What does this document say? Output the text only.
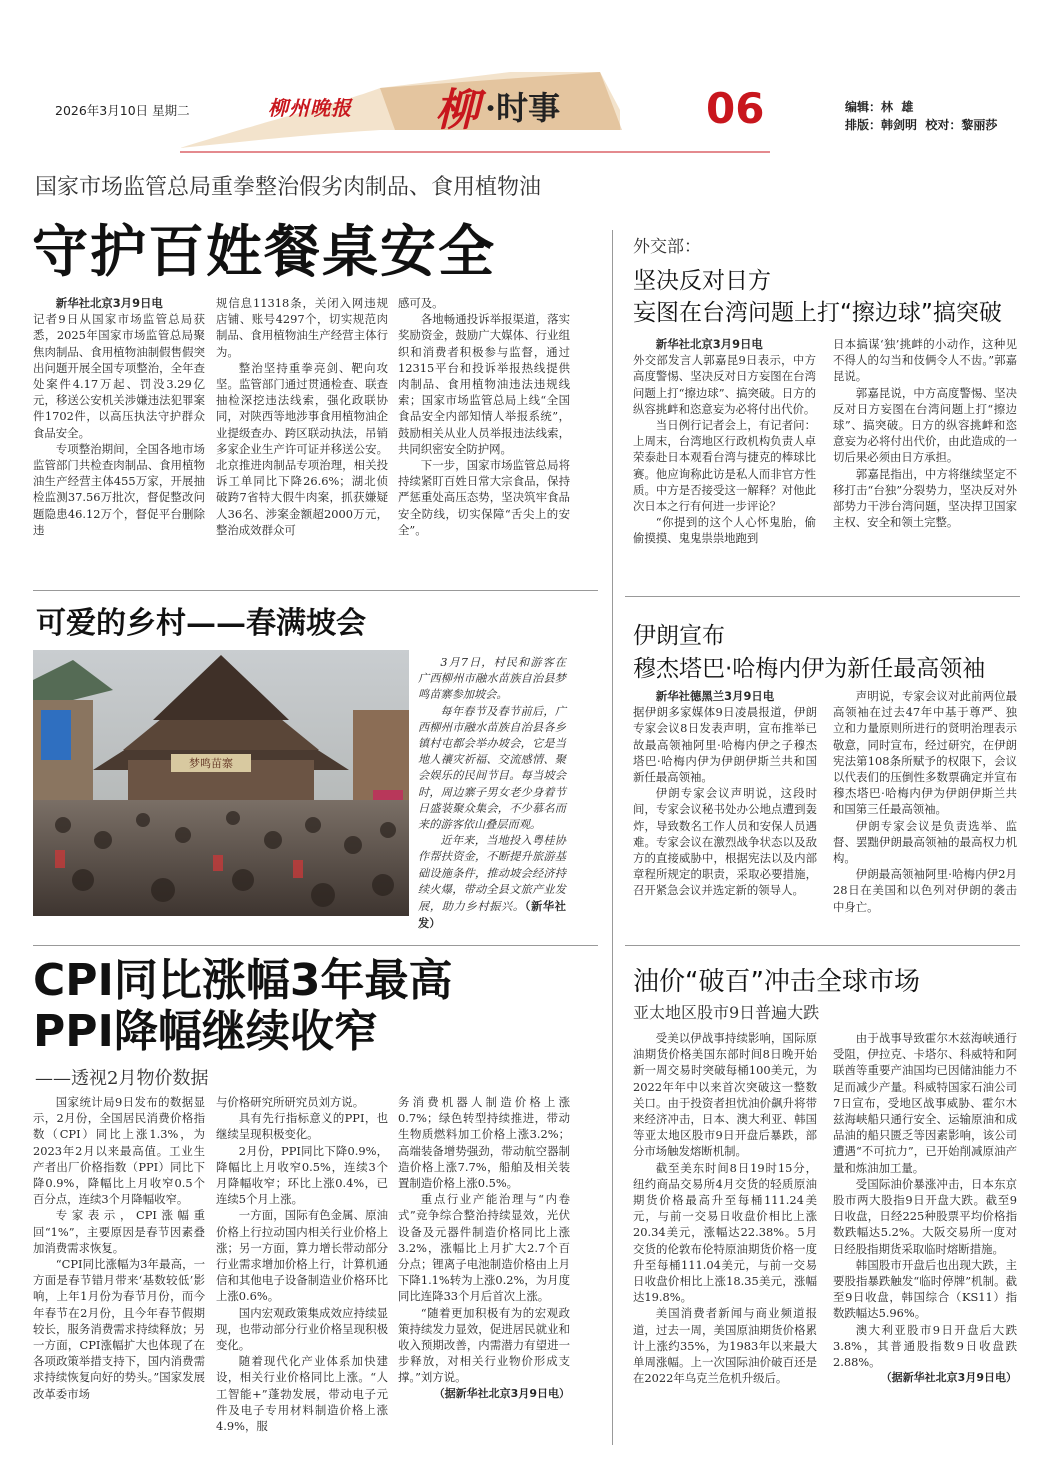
2026年3月10日 星期二	柳州晚报 柳 ·时事	06	编辑：林  雄
排版：韩剑明  校对：黎丽莎
国家市场监管总局重拳整治假劣肉制品、食用植物油
守护百姓餐桌安全

新华社北京3月9日电

记者9日从国家市场监管总局获悉，2025年国家市场监管总局聚焦肉制品、食用植物油制假售假突出问题开展全国专项整治，全年查处案件4.17万起、罚没3.29亿元，移送公安机关涉嫌违法犯罪案件1702件，以高压执法守护群众食品安全。

专项整治期间，全国各地市场监管部门共检查肉制品、食用植物油生产经营主体455万家，开展抽检监测37.56万批次，督促整改问题隐患46.12万个，督促平台删除违

规信息11318条，关闭入网违规店铺、账号4297个，切实规范肉制品、食用植物油生产经营主体行为。

整治坚持重拳亮剑、靶向攻坚。监管部门通过贯通检查、联查抽检深挖违法线索，强化政联协同，对陕西等地涉事食用植物油企业提级查办、跨区联动执法，吊销多家企业生产许可证并移送公安。北京推进肉制品专项治理，相关投诉工单同比下降26.6%；湖北侦破跨7省特大假牛肉案，抓获嫌疑人36名、涉案金额超2000万元，整治成效群众可

感可及。

各地畅通投诉举报渠道，落实奖励资金，鼓励广大媒体、行业组织和消费者积极参与监督，通过12315平台和投诉举报热线提供肉制品、食用植物油违法违规线索；国家市场监管总局上线“全国食品安全内部知情人举报系统”，鼓励相关从业人员举报违法线索，共同织密安全防护网。

下一步，国家市场监管总局将持续紧盯百姓日常大宗食品，保持严惩重处高压态势，坚决筑牢食品安全防线，切实保障“舌尖上的安全”。

外交部：
坚决反对日方
妄图在台湾问题上打“擦边球”搞突破

新华社北京3月9日电

外交部发言人郭嘉昆9日表示，中方高度警惕、坚决反对日方妄图在台湾问题上打“擦边球”、搞突破。日方的纵容挑衅和恣意妄为必将付出代价。

当日例行记者会上，有记者问：上周末，台湾地区行政机构负责人卓荣泰赴日本观看台湾与捷克的棒球比赛。他应询称此访是私人而非官方性质。中方是否接受这一解释？对他此次日本之行有何进一步评论？

“你提到的这个人心怀鬼胎，偷偷摸摸、鬼鬼祟祟地跑到

日本搞谋‘独’挑衅的小动作，这种见不得人的勾当和伎俩令人不齿。”郭嘉昆说。

郭嘉昆说，中方高度警惕、坚决反对日方妄图在台湾问题上打“擦边球”、搞突破。日方的纵容挑衅和恣意妄为必将付出代价，由此造成的一切后果必须由日方承担。

郭嘉昆指出，中方将继续坚定不移打击“台独”分裂势力，坚决反对外部势力干涉台湾问题，坚决捍卫国家主权、安全和领土完整。

可爱的乡村——春满坡会
梦鸣苗寨

3月7日，村民和游客在广西柳州市融水苗族自治县梦鸣苗寨参加坡会。

每年春节及春节前后，广西柳州市融水苗族自治县各乡镇村屯都会举办坡会，它是当地人禳灾祈福、交流感情、聚会娱乐的民间节目。每当坡会时，周边寨子男女老少身着节日盛装聚众集会，不少慕名而来的游客依山叠层而观。

近年来，当地投入粤桂协作帮扶资金，不断提升旅游基础设施条件，推动坡会经济持续火爆，带动全县文旅产业发展，助力乡村振兴。（新华社发）

伊朗宣布
穆杰塔巴·哈梅内伊为新任最高领袖

新华社德黑兰3月9日电

据伊朗多家媒体9日凌晨报道，伊朗专家会议8日发表声明，宣布推举已故最高领袖阿里·哈梅内伊之子穆杰塔巴·哈梅内伊为伊朗伊斯兰共和国新任最高领袖。

伊朗专家会议声明说，这段时间，专家会议秘书处办公地点遭到轰炸，导致数名工作人员和安保人员遇难。专家会议在激烈战争状态以及敌方的直接威胁中，根据宪法以及内部章程所规定的职责，采取必要措施，召开紧急会议并选定新的领导人。

声明说，专家会议对此前两位最高领袖在过去47年中基于尊严、独立和力量原则所进行的贤明治理表示敬意，同时宣布，经过研究，在伊朗宪法第108条所赋予的权限下，会议以代表们的压倒性多数票确定并宣布穆杰塔巴·哈梅内伊为伊朗伊斯兰共和国第三任最高领袖。

伊朗专家会议是负责选举、监督、罢黜伊朗最高领袖的最高权力机构。

伊朗最高领袖阿里·哈梅内伊2月28日在美国和以色列对伊朗的袭击中身亡。

CPI同比涨幅3年最高
PPI降幅继续收窄
——透视2月物价数据

国家统计局9日发布的数据显示，2月份，全国居民消费价格指数（CPI）同比上涨1.3%，为2023年2月以来最高值。工业生产者出厂价格指数（PPI）同比下降0.9%，降幅比上月收窄0.5个百分点，连续3个月降幅收窄。

专家表示，CPI涨幅重回“1%”，主要原因是春节因素叠加消费需求恢复。

“CPI同比涨幅为3年最高，一方面是春节错月带来‘基数较低’影响，上年1月份为春节月份，而今年春节在2月份，且今年春节假期较长，服务消费需求持续释放；另一方面，CPI涨幅扩大也体现了在各项政策举措支持下，国内消费需求持续恢复向好的势头。”国家发展改革委市场

与价格研究所研究员刘方说。

具有先行指标意义的PPI，也继续呈现积极变化。

2月份，PPI同比下降0.9%，降幅比上月收窄0.5%，连续3个月降幅收窄；环比上涨0.4%，已连续5个月上涨。

一方面，国际有色金属、原油价格上行拉动国内相关行业价格上涨；另一方面，算力增长带动部分行业需求增加价格上行，计算机通信和其他电子设备制造业价格环比上涨0.6%。

国内宏观政策集成效应持续显现，也带动部分行业价格呈现积极变化。

随着现代化产业体系加快建设，相关行业价格同比上涨。“人工智能+”蓬勃发展，带动电子元件及电子专用材料制造价格上涨4.9%，服

务消费机器人制造价格上涨0.7%；绿色转型持续推进，带动生物质燃料加工价格上涨3.2%；高端装备增势强劲，带动航空器制造价格上涨7.7%，船舶及相关装置制造价格上涨0.5%。

重点行业产能治理与“内卷式”竞争综合整治持续显效，光伏设备及元器件制造价格同比上涨3.2%，涨幅比上月扩大2.7个百分点；锂离子电池制造价格由上月下降1.1%转为上涨0.2%，为月度同比连降33个月后首次上涨。

“随着更加积极有为的宏观政策持续发力显效，促进居民就业和收入预期改善，内需潜力有望进一步释放，对相关行业物价形成支撑。”刘方说。

（据新华社北京3月9日电）
油价“破百”冲击全球市场
亚太地区股市9日普遍大跌

受美以伊战事持续影响，国际原油期货价格美国东部时间8日晚开始新一周交易时突破每桶100美元，为2022年年中以来首次突破这一整数关口。由于投资者担忧油价飙升将带来经济冲击，日本、澳大利亚、韩国等亚太地区股市9日开盘后暴跌，部分市场触发熔断机制。

截至美东时间8日19时15分，纽约商品交易所4月交货的轻质原油期货价格最高升至每桶111.24美元，与前一交易日收盘价相比上涨20.34美元，涨幅达22.38%。5月交货的伦敦布伦特原油期货价格一度升至每桶111.04美元，与前一交易日收盘价相比上涨18.35美元，涨幅达19.8%。

美国消费者新闻与商业频道报道，过去一周，美国原油期货价格累计上涨约35%，为1983年以来最大单周涨幅。上一次国际油价破百还是在2022年乌克兰危机升级后。

由于战事导致霍尔木兹海峡通行受阻，伊拉克、卡塔尔、科威特和阿联酋等重要产油国均已因储油能力不足而减少产量。科威特国家石油公司7日宣布，受地区战事威胁、霍尔木兹海峡船只通行安全、运输原油和成品油的船只匮乏等因素影响，该公司遭遇“不可抗力”，已开始削减原油产量和炼油加工量。

受国际油价暴涨冲击，日本东京股市两大股指9日开盘大跌。截至9日收盘，日经225种股票平均价格指数跌幅达5.2%。大阪交易所一度对日经股指期货采取临时熔断措施。

韩国股市开盘后也出现大跌，主要股指暴跌触发“临时停牌”机制。截至9日收盘，韩国综合（KS11）指数跌幅达5.96%。

澳大利亚股市9日开盘后大跌3.8%，其普通股指数9日收盘跌2.88%。

（据新华社北京3月9日电）
